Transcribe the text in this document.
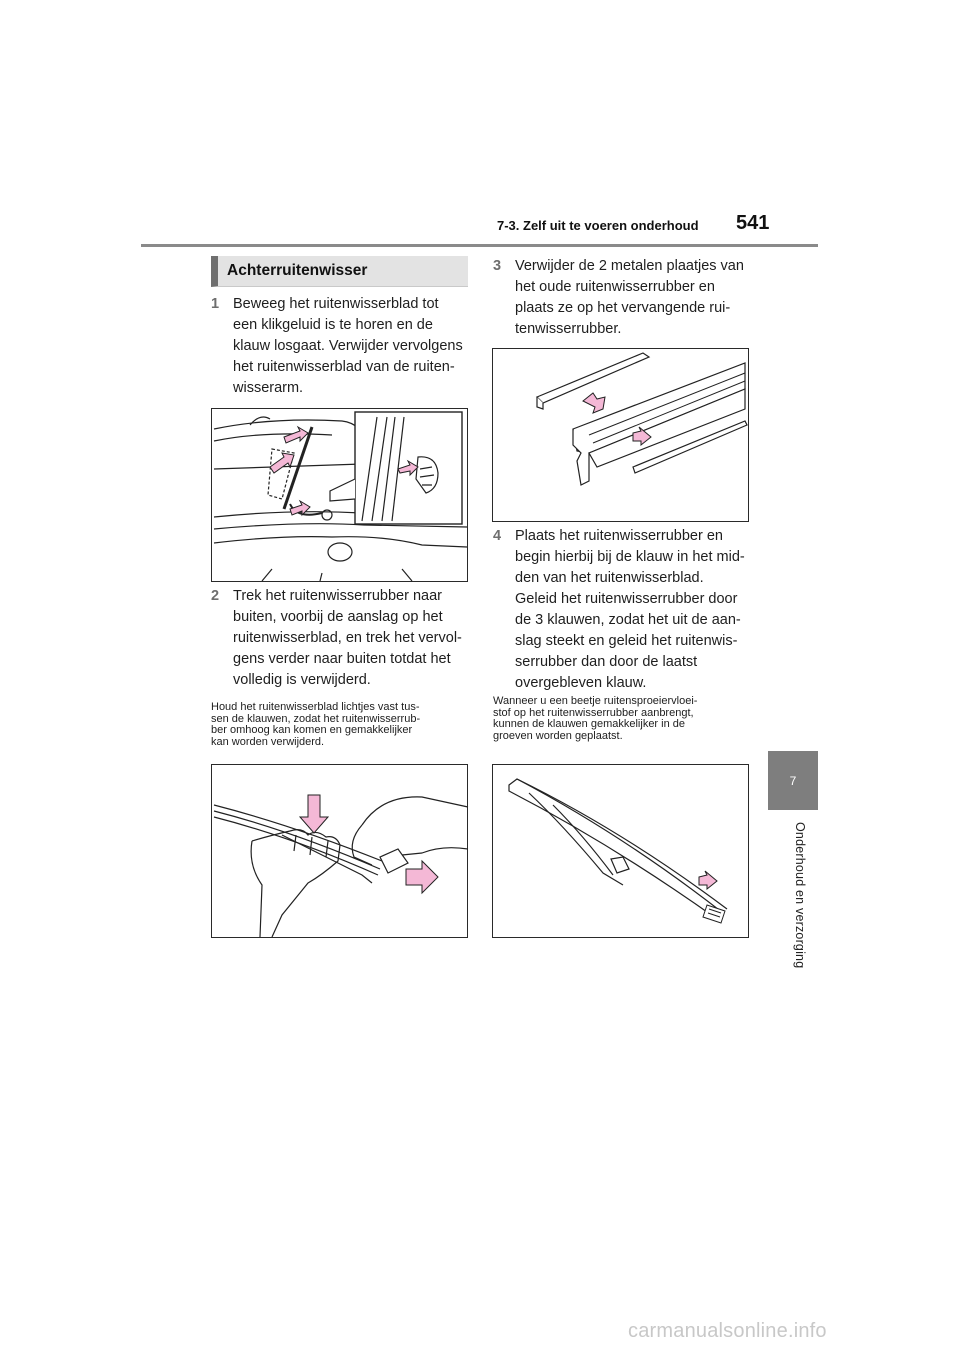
7-3. Zelf uit te voeren onderhoud 541
7
Onderhoud en verzorging
Achterruitenwisser
1 Beweeg het ruitenwisserblad tot
een klikgeluid is te horen en de
klauw losgaat. Verwijder vervolgens
het ruitenwisserblad van de ruiten-
wisserarm.
2 Trek het ruitenwisserrubber naar
buiten, voorbij de aanslag op het
ruitenwisserblad, en trek het vervol-
gens verder naar buiten totdat het
volledig is verwijderd.
Houd het ruitenwisserblad lichtjes vast tus-
sen de klauwen, zodat het ruitenwisserrub-
ber omhoog kan komen en gemakkelijker
kan worden verwijderd.
3 Verwijder de 2 metalen plaatjes van
het oude ruitenwisserrubber en
plaats ze op het vervangende rui-
tenwisserrubber.
4 Plaats het ruitenwisserrubber en
begin hierbij bij de klauw in het mid-
den van het ruitenwisserblad.
Geleid het ruitenwisserrubber door
de 3 klauwen, zodat het uit de aan-
slag steekt en geleid het ruitenwis-
serrubber dan door de laatst
overgebleven klauw.
Wanneer u een beetje ruitensproeiervloei-
stof op het ruitenwisserrubber aanbrengt,
kunnen de klauwen gemakkelijker in de
groeven worden geplaatst.
carmanualsonline.info
